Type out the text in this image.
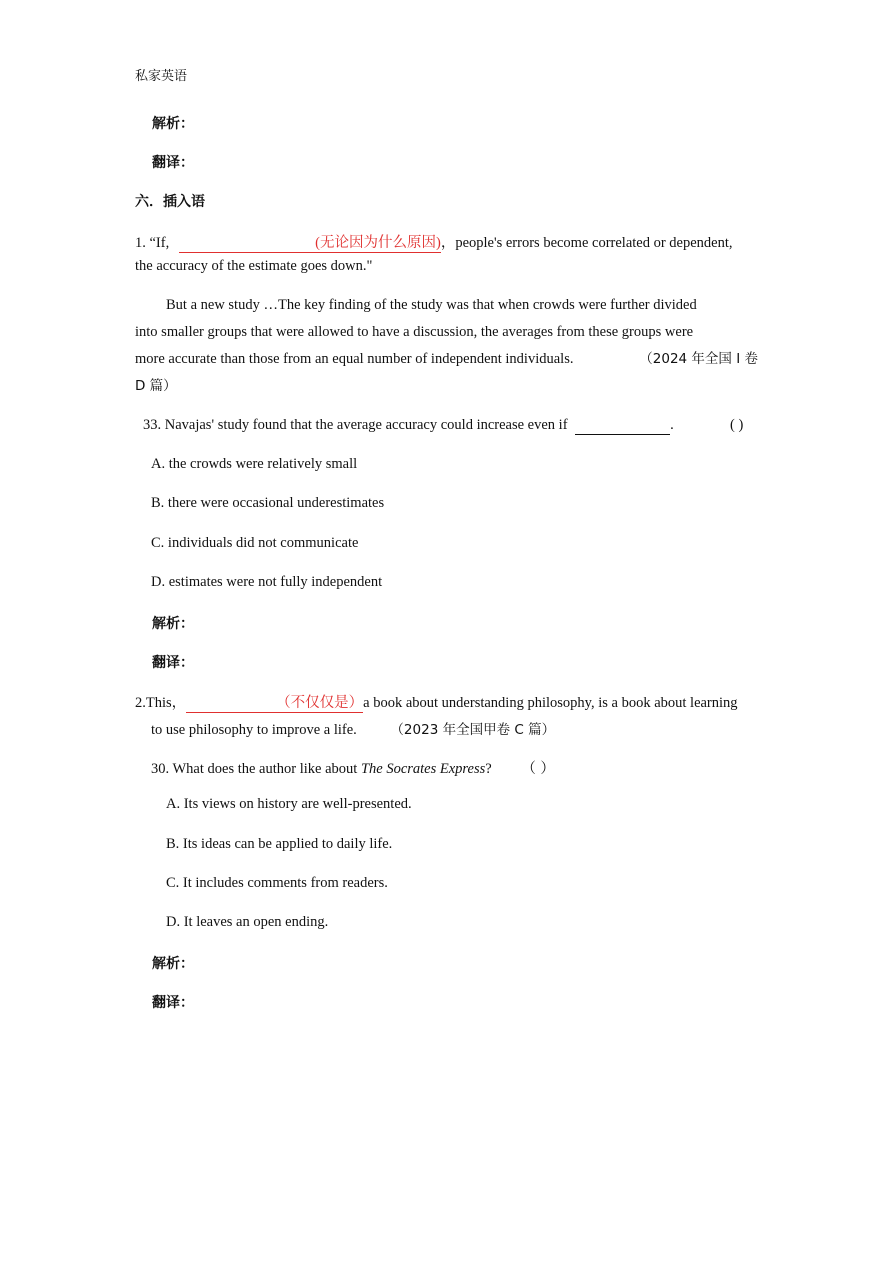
私家英语
解析：
翻译：
六．插入语
1. “If,	(无论因为什么原因)，people's errors become correlated or dependent,
the accuracy of the estimate goes down."

But a new study …The key finding of the study was that when crowds were further divided

into smaller groups that were allowed to have a discussion, the averages from these groups were

more accurate than those from an equal number of independent individuals.	（2024 年全国 I 卷

D 篇）

33. Navajas' study found that the average accuracy could increase even if	.	( )
A. the crowds were relatively small
B. there were occasional underestimates
C. individuals did not communicate
D. estimates were not fully independent
解析：
翻译：
2.This，	（不仅仅是）a book about understanding philosophy, is a book about learning
to use philosophy to improve a life. （2023 年全国甲卷 C 篇）
30. What does the author like about The Socrates Express? （ ）
A. Its views on history are well-presented.
B. Its ideas can be applied to daily life.
C. It includes comments from readers.
D. It leaves an open ending.
解析：
翻译：
